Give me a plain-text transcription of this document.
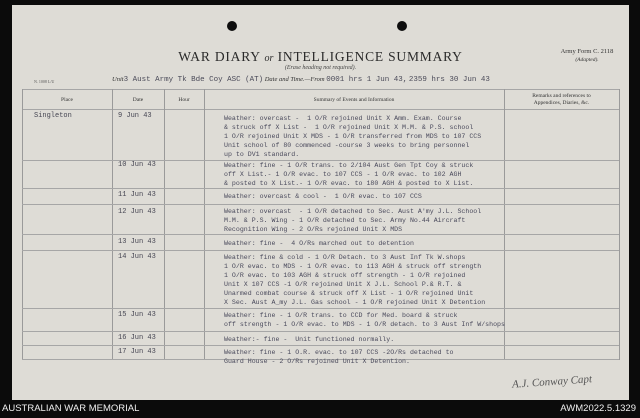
WAR DIARY or INTELLIGENCE SUMMARY
(Erase heading not required).
Army Form C. 2118
(Adapted).
N. 1008 L/U	Unit3 Aust Army Tk Bde Coy ASC (AT) Date and Time.—From 0001 hrs 1 Jun 43, 2359 hrs 30 Jun 43
Place	Date	Hour	Summary of Events and Information
Remarks and references to
Appendices, Diaries, &c.
Singleton	9 Jun 43	Weather: overcast -  1 O/R rejoined Unit X Amm. Exam. Course
& struck off X List -  1 O/R rejoined Unit X M.M. & P.S. school
1 O/R rejoined Unit X MDS - 1 O/R transferred from MDS to 107 CCS
Unit school of 80 commenced -course 3 weeks to bring personnel
up to DV1 standard.
10 Jun 43	Weather: fine - 1 O/R trans. to 2/104 Aust Gen Tpt Coy & struck
off X List.- 1 O/R evac. to 107 CCS - 1 O/R evac. to 102 AGH
& posted to X List.- 1 O/R evac. to 180 AGH & posted to X List.
11 Jun 43	Weather: overcast & cool -  1 O/R evac. to 107 CCS
12 Jun 43	Weather: overcast  - 1 O/R detached to Sec. Aust A'my J.L. School
M.M. & P.S. Wing - 1 O/R detached to Sec. Army No.44 Aircraft
Recognition Wing - 2 O/Rs rejoined Unit X MDS
13 Jun 43	Weather: fine -  4 O/Rs marched out to detention
14 Jun 43	Weather: fine & cold - 1 O/R Detach. to 3 Aust Inf Tk W.shops
1 O/R evac. to MDS - 1 O/R evac. to 113 AGH & struck off strength
1 O/R evac. to 103 AGH & struck off strength - 1 O/R rejoined
Unit X 107 CCS -1 O/R rejoined Unit X J.L. School P.& R.T. &
Unarmed combat course & struck off X List - 1 O/R rejoined Unit
X Sec. Aust A_my J.L. Gas school - 1 O/R rejoined Unit X Detention
15 Jun 43	Weather: fine - 1 O/R trans. to CCD for Med. board & struck
off strength - 1 O/R evac. to MDS - 1 O/R detach. to 3 Aust Inf W/shops
16 Jun 43	Weather:- fine -  Unit functioned normally.
17 Jun 43	Weather: fine - 1 O.R. evac. to 107 CCS -2O/Rs detached to
Guard House - 2 O/Rs rejoined Unit X Detention.
A.J. Conway Capt
AUSTRALIAN WAR MEMORIAL	AWM2022.5.1329
